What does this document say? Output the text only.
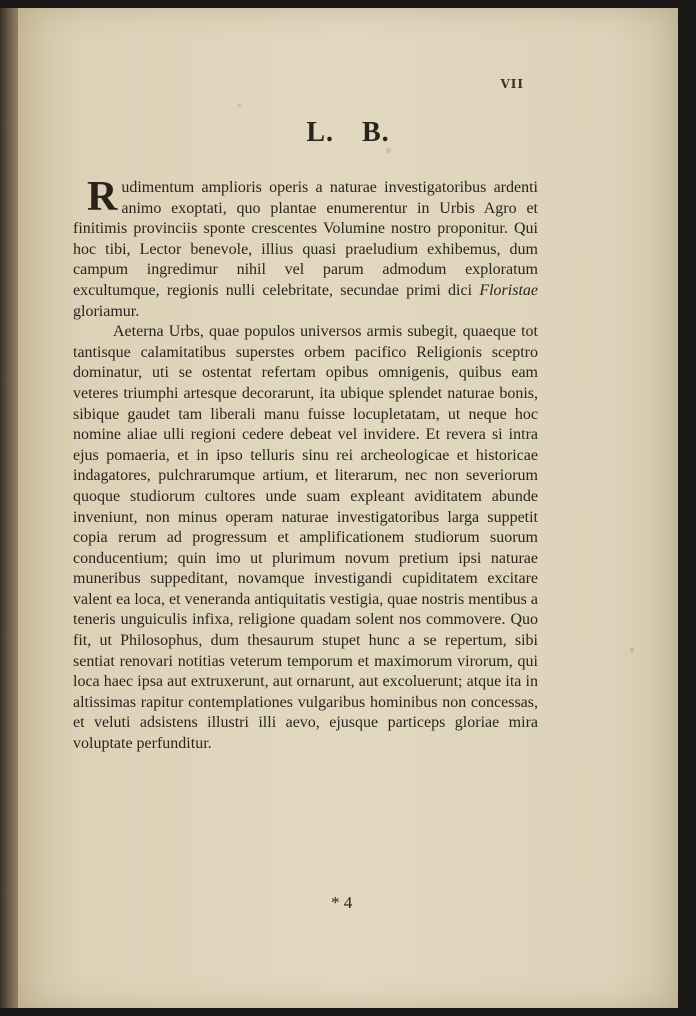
VII
L. B.

Rudimentum amplioris operis a naturae investigatoribus ardenti animo exoptati, quo plantae enumerentur in Urbis Agro et finitimis provinciis sponte crescentes Volumine nostro proponitur. Qui hoc tibi, Lector benevole, illius quasi praeludium exhibemus, dum campum ingredimur nihil vel parum admodum exploratum excultumque, regionis nulli celebritate, secundae primi dici Floristae gloriamur.

Aeterna Urbs, quae populos universos armis subegit, quaeque tot tantisque calamitatibus superstes orbem pacifico Religionis sceptro dominatur, uti se ostentat refertam opibus omnigenis, quibus eam veteres triumphi artesque decorarunt, ita ubique splendet naturae bonis, sibique gaudet tam liberali manu fuisse locupletatam, ut neque hoc nomine aliae ulli regioni cedere debeat vel invidere. Et revera si intra ejus pomaeria, et in ipso telluris sinu rei archeologicae et historicae indagatores, pulchrarumque artium, et literarum, nec non severiorum quoque studiorum cultores unde suam expleant aviditatem abunde inveniunt, non minus operam naturae investigatoribus larga suppetit copia rerum ad progressum et amplificationem studiorum suorum conducentium; quin imo ut plurimum novum pretium ipsi naturae muneribus suppeditant, novamque investigandi cupiditatem excitare valent ea loca, et veneranda antiquitatis vestigia, quae nostris mentibus a teneris unguiculis infixa, religione quadam solent nos commovere. Quo fit, ut Philosophus, dum thesaurum stupet hunc a se repertum, sibi sentiat renovari notitias veterum temporum et maximorum virorum, qui loca haec ipsa aut extruxerunt, aut ornarunt, aut excoluerunt; atque ita in altissimas rapitur contemplationes vulgaribus hominibus non concessas, et veluti adsistens illustri illi aevo, ejusque particeps gloriae mira voluptate perfunditur.

* 4
